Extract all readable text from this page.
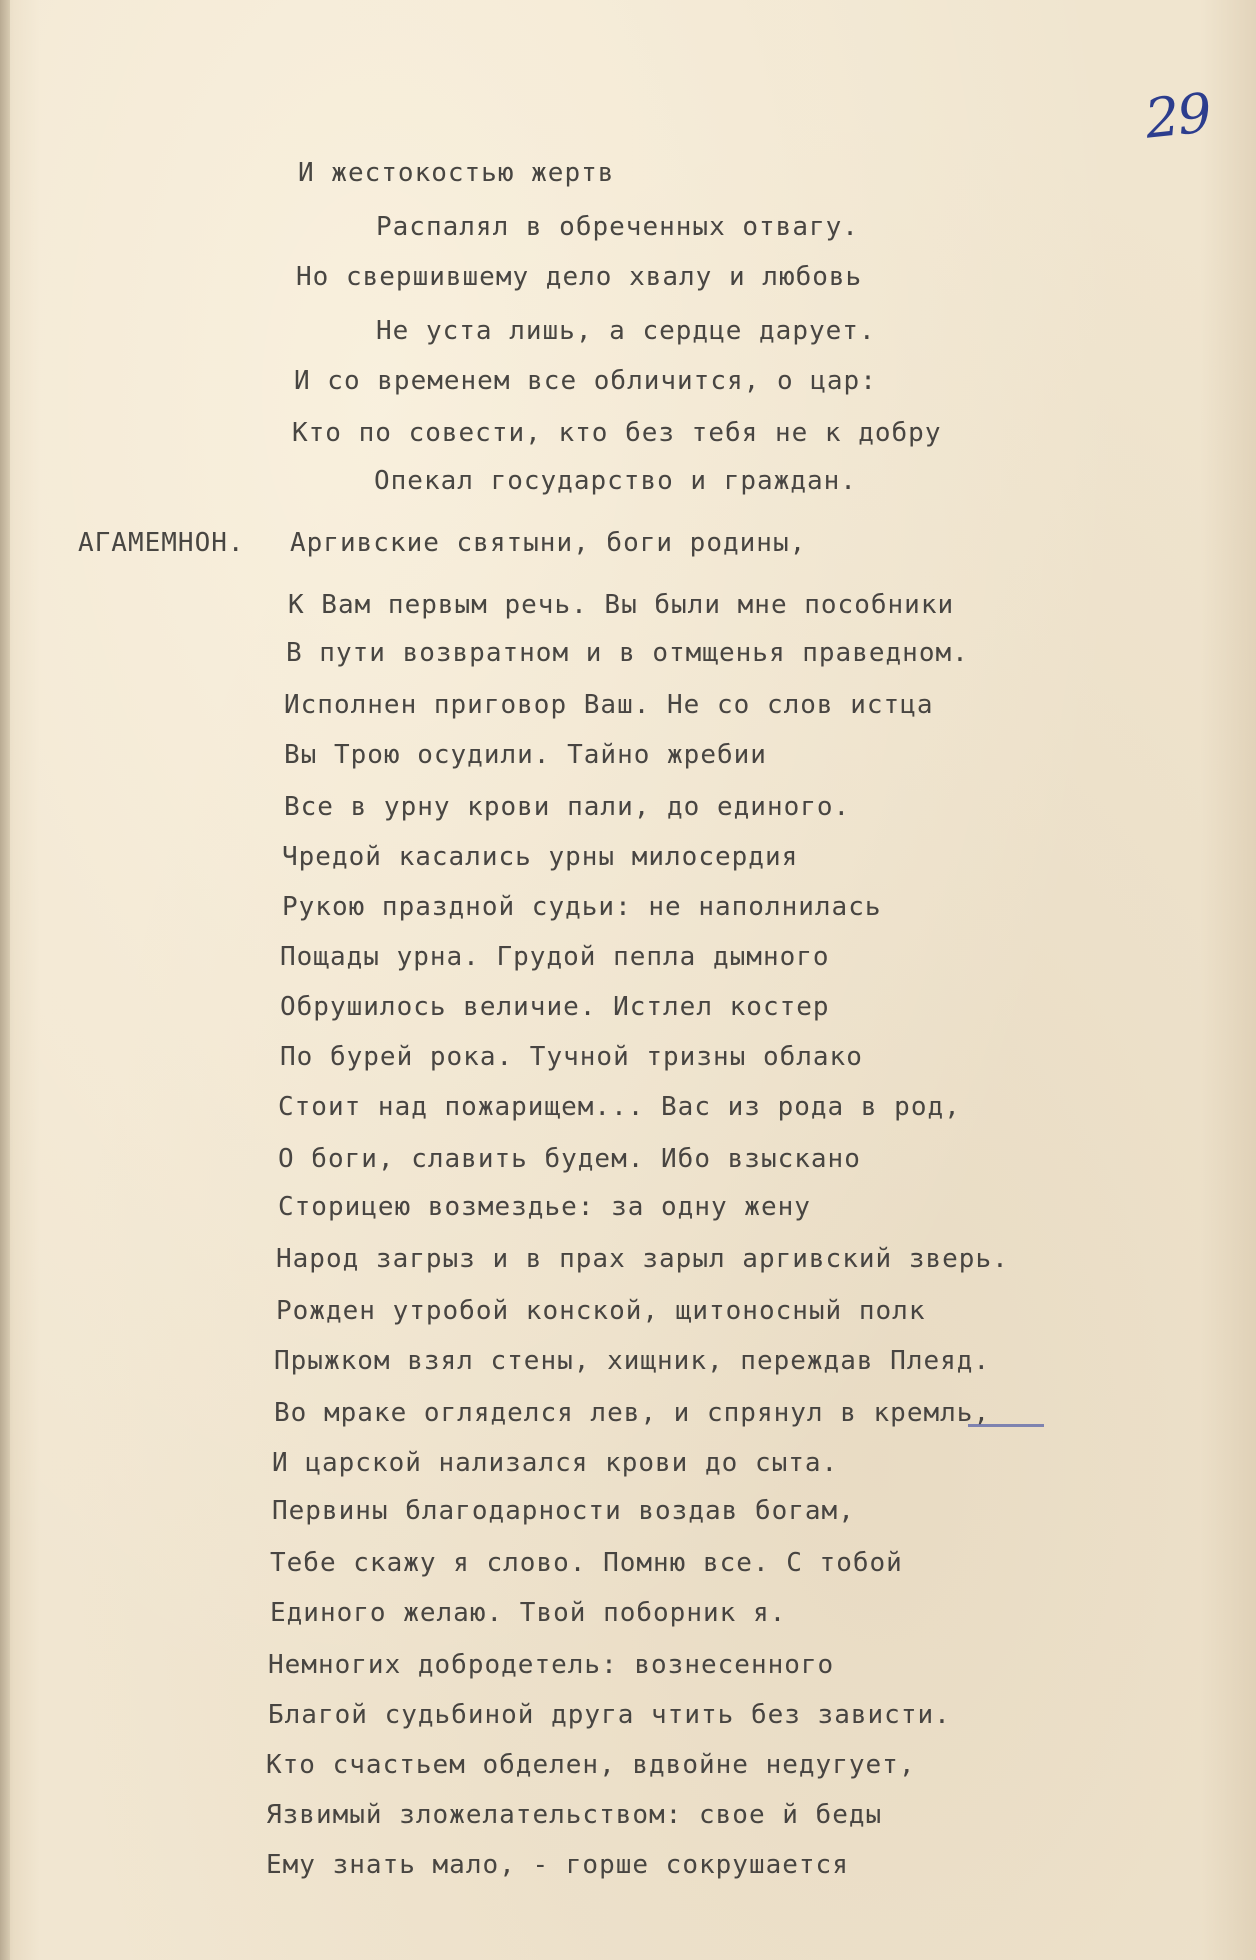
29
АГАМЕМНОН.
И жестокостью жертв
Распалял в обреченных отвагу.
Но свершившему дело хвалу и любовь
Не уста лишь, а сердце дарует.
И со временем все обличится, о цар:
Кто по совести, кто без тебя не к добру
Опекал государство и граждан.
Аргивские святыни, боги родины,
К Вам первым речь. Вы были мне пособники
В пути возвратном и в отмщенья праведном.
Исполнен приговор Ваш. Не со слов истца
Вы Трою осудили. Тайно жребии
Все в урну крови пали, до единого.
Чредой касались урны милосердия
Рукою праздной судьи: не наполнилась
Пощады урна. Грудой пепла дымного
Обрушилось величие. Истлел костер
По бурей рока. Тучной тризны облако
Стоит над пожарищем... Вас из рода в род,
О боги, славить будем. Ибо взыскано
Сторицею возмездье: за одну жену
Народ загрыз и в прах зарыл аргивский зверь.
Рожден утробой конской, щитоносный полк
Прыжком взял стены, хищник, переждав Плеяд.
Во мраке огляделся лев, и спрянул в кремль,
И царской нализался крови до сыта.
Первины благодарности воздав богам,
Тебе скажу я слово. Помню все. С тобой
Единого желаю. Твой поборник я.
Немногих добродетель: вознесенного
Благой судьбиной друга чтить без зависти.
Кто счастьем обделен, вдвойне недугует,
Язвимый зложелательством: свое й беды
Ему знать мало, - горше сокрушается
